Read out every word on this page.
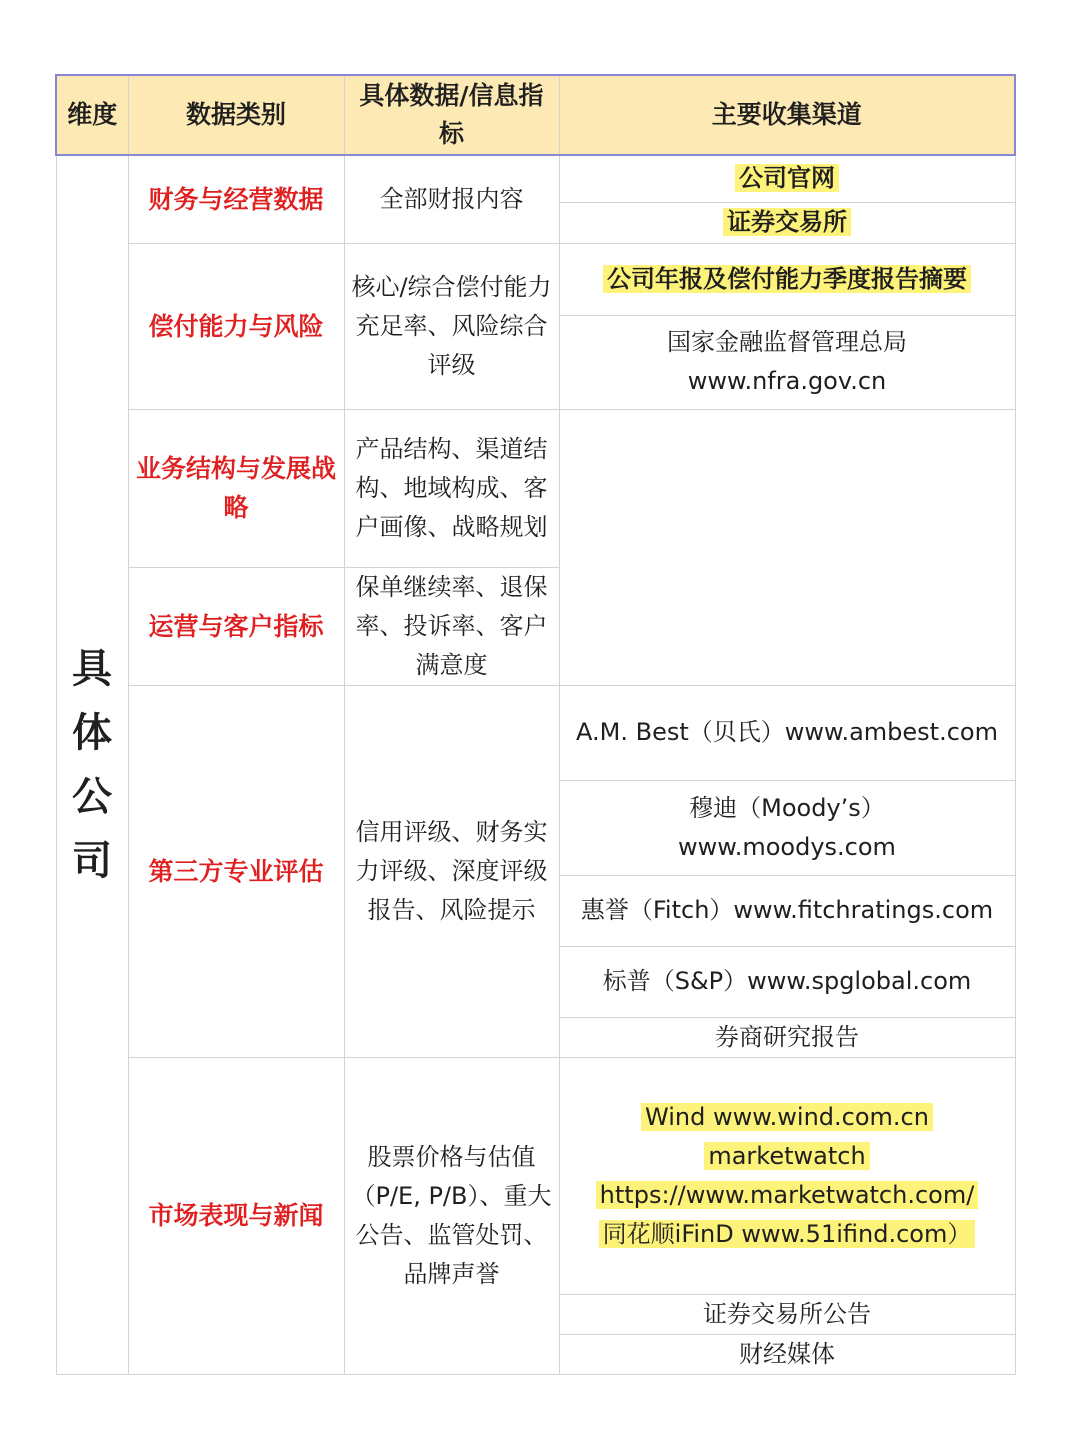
维度	数据类别	具体数据/信息指标	主要收集渠道

具
体
公
司	财务与经营数据	全部财报内容	公司官网
			证券交易所
	偿付能力与风险	核心/综合偿付能力充足率、风险综合评级	公司年报及偿付能力季度报告摘要

			国家金融监督管理总局
www.nfra.gov.cn

	业务结构与发展战略	产品结构、渠道结构、地域构成、客户画像、战略规划	
	运营与客户指标	保单继续率、退保率、投诉率、客户满意度	
	第三方专业评估	信用评级、财务实力评级、深度评级报告、风险提示	A.M. Best（贝氏）www.ambest.com

			穆迪（Moody’s）
www.moodys.com

			惠誉（Fitch）www.fitchratings.com
			标普（S&P）www.spglobal.com
			券商研究报告
	市场表现与新闻	股票价格与估值（P/E, P/B）、重大公告、监管处罚、品牌声誉	Wind www.wind.com.cn
marketwatch
https://www.marketwatch.com/
同花顺iFinD www.51ifind.com）

			证券交易所公告
			财经媒体
